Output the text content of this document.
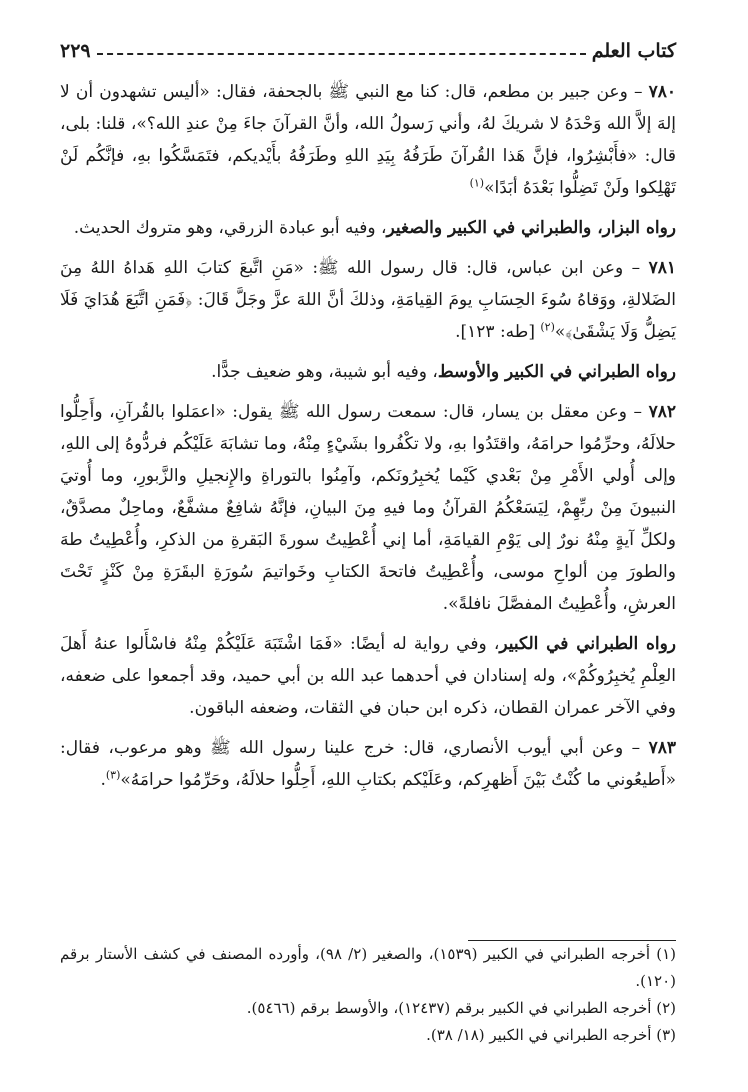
كتاب العلم
٢٢٩

٧٨٠ – وعن جبير بن مطعم، قال: كنا مع النبي ﷺ بالجحفة، فقال: «أليس تشهدون أن لا إلهَ إلاَّ الله وَحْدَهُ لا شريكَ لهُ، وأني رَسولُ الله، وأنَّ القرآنَ جاءَ مِنْ عندِ الله؟»، قلنا: بلى، قال: «فأَبْشِرُوا، فإنَّ هَذا القُرآنَ طَرَفُهُ بِيَدِ اللهِ وطَرَفُهُ بأَيْديكم، فتَمَسَّكُوا بهِ، فإنَّكُم لَنْ تَهْلِكوا ولَنْ تَضِلُّوا بَعْدَهُ أبَدًا»$^{(١)}$

رواه البزار، والطبراني في الكبير والصغير، وفيه أبو عبادة الزرقي، وهو متروك الحديث.

٧٨١ – وعن ابن عباس، قال: قال رسول الله ﷺ: «مَنِ اتَّبعَ كتابَ اللهِ هَداهُ اللهُ مِنَ الضَلالةِ، ووَقاهُ سُوءَ الحِسَابِ يومَ القِيامَةِ، وذلكَ أنَّ اللهَ عزَّ وجَلَّ قَالَ: ﴿فَمَنِ اتَّبَعَ هُدَايَ فَلَا يَضِلُّ وَلَا يَشْقَىٰ﴾»$^{(٢)}$ [طه: ١٢٣].

رواه الطبراني في الكبير والأوسط، وفيه أبو شيبة، وهو ضعيف جدًّا.

٧٨٢ – وعن معقل بن يسار، قال: سمعت رسول الله ﷺ يقول: «اعمَلوا بالقُرآنِ، وأَحِلُّوا حلالَهُ، وحرِّمُوا حرامَهُ، واقتَدُوا بهِ، ولا تكْفُروا بشَيْءٍ مِنْهُ، وما تشابَهَ عَلَيْكُم فردُّوهُ إلى اللهِ، وإلى أُولي الأَمْرِ مِنْ بَعْدي كَيْما يُخبِرُونَكم، وآمِنُوا بالتوراةِ والإِنجيلِ والزَّبورِ، وما أُوتيَ النبيونَ مِنْ ربِّهِمْ، لِيَسَعْكُمُ القرآنُ وما فيهِ مِنَ البيانِ، فإنَّهُ شافِعٌ مشفَّعٌ، وماحِلٌ مصدَّقٌ، ولكلِّ آيةٍ مِنْهُ نورٌ إلى يَوْمِ القيامَةِ، أما إني أُعْطِيتُ سورةَ البَقرةِ من الذكرِ، وأُعْطِيتُ طهَ والطورَ مِن ألواحِ موسى، وأُعْطِيتُ فاتحةَ الكتابِ وخَواتيمَ سُورَةِ البقَرَةِ مِنْ كَنْزٍ تَحْتَ العرشِ، وأُعْطِيتُ المفصَّلَ نافلةً».

رواه الطبراني في الكبير، وفي رواية له أيضًا: «فَمَا اشْتَبَهَ عَلَيْكُمْ مِنْهُ فاسْأَلوا عنهُ أَهلَ العِلْمِ يُخبِرُوكُمْ»، وله إسنادان في أحدهما عبد الله بن أبي حميد، وقد أجمعوا على ضعفه، وفي الآخر عمران القطان، ذكره ابن حبان في الثقات، وضعفه الباقون.

٧٨٣ – وعن أبي أيوب الأنصاري، قال: خرج علينا رسول الله ﷺ وهو مرعوب، فقال: «أَطيعُوني ما كُنْتُ بَيْنَ أَظهرِكم، وعَلَيْكم بكتابِ اللهِ، أَحِلُّوا حلالَهُ، وحَرِّمُوا حرامَهُ»$^{(٣)}$.

(١) أخرجه الطبراني في الكبير (١٥٣٩)، والصغير (٢/ ٩٨)، وأورده المصنف في كشف الأستار برقم (١٢٠).

(٢) أخرجه الطبراني في الكبير برقم (١٢٤٣٧)، والأوسط برقم (٥٤٦٦).

(٣) أخرجه الطبراني في الكبير (١٨/ ٣٨).
